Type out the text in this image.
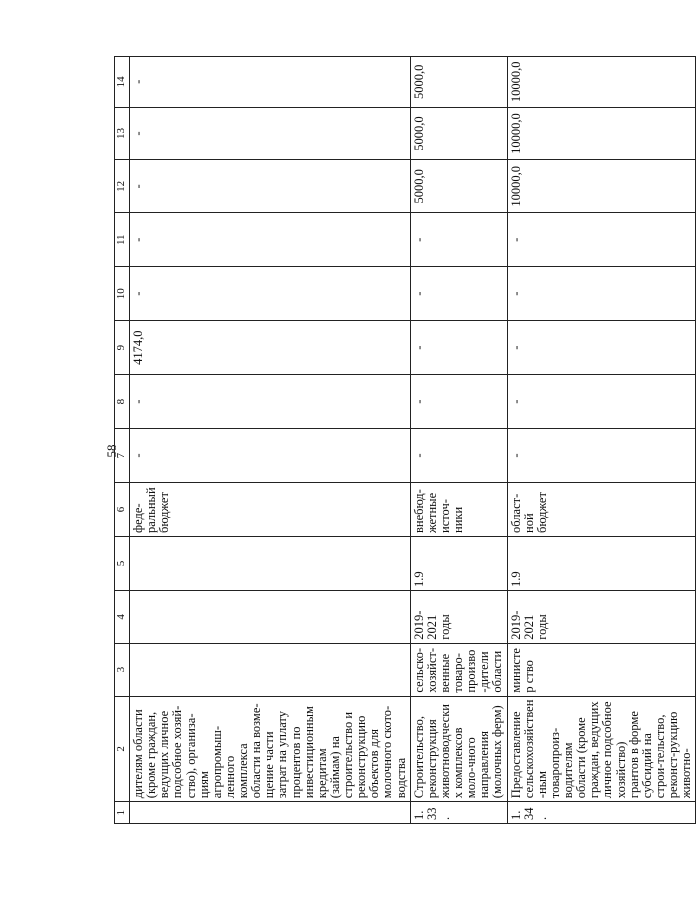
58
1	2	3	4	5	6	7	8	9	10	11	12	13	14
	дителям области (кроме граждан, ведущих личное подсобное хозяй-ство), организа-циям агропромыш-ленного комплекса области на возме-щение части затрат на уплату процентов по инвестиционным кредитам (займам) на строительство и реконструкцию объектов для молочного ското-водства				феде-ральный бюджет	-	-	4174,0	-	-	-	-	-
1.33.	Строительство, реконструкция животноводческих комплексов моло-чного направления (молочных ферм)	сельско-хозяйст-венные товаро-произво-дители области	2019-2021 годы	1.9	внебюд-жетные источ-ники	-	-	-	-	-	5000,0	5000,0	5000,0
1.34.	Предоставление сельскохозяйствен-ным товаропроиз-водителям области (кроме граждан, ведущих личное подсобное хозяйство) грантов в форме субсидий на строи-тельство, реконст-рукцию животно-	министер ство	2019-2021 годы	1.9	област-ной бюджет	-	-	-	-	-	10000,0	10000,0	10000,0
